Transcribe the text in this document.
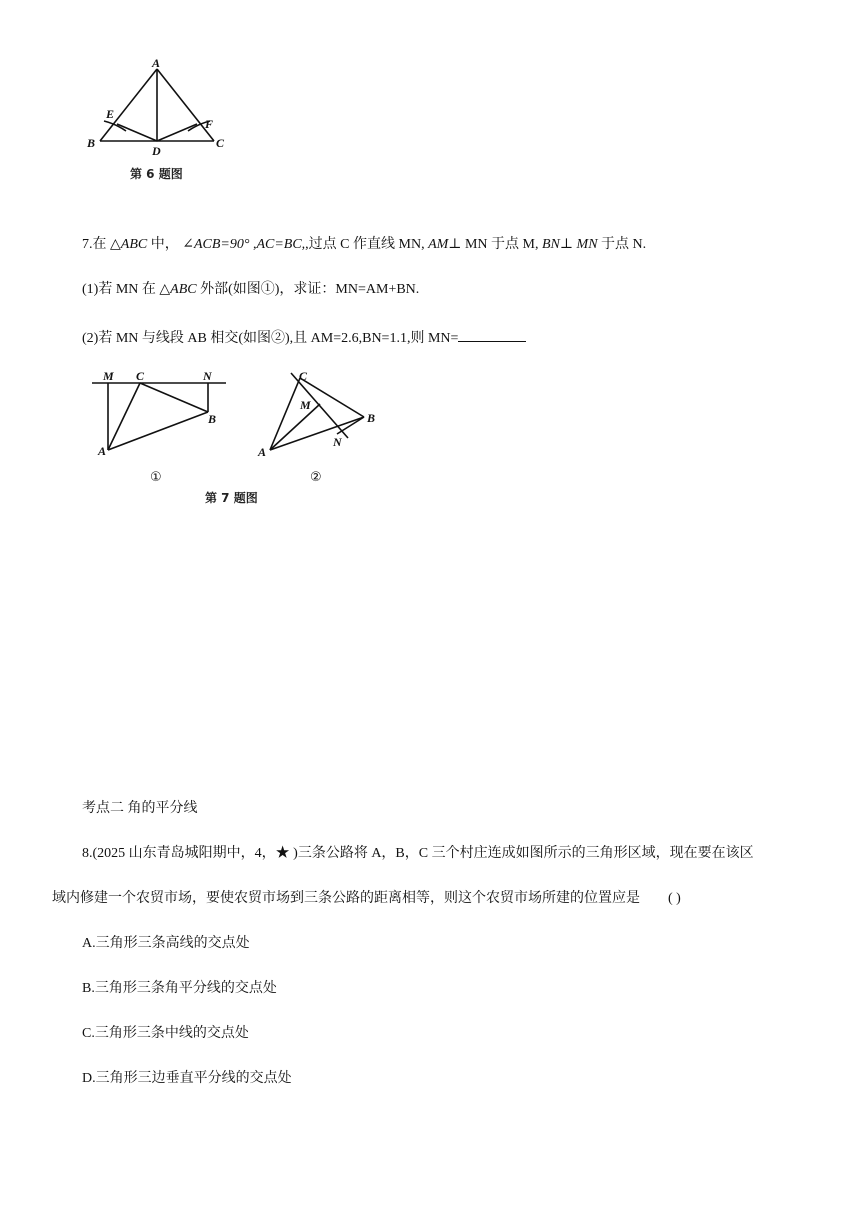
A
B	C
D
E
F
第 6 题图
7.在 △ABC 中， ∠ACB=90° ,AC=BC,,过点 C 作直线 MN, AM⊥ MN 于点 M, BN⊥ MN 于点 N.
(1)若 MN 在 △ABC 外部(如图①)，求证：MN=AM+BN.
(2)若 MN 与线段 AB 相交(如图②),且 AM=2.6,BN=1.1,则 MN=
M C	N
B
A
①
C
M
B
N
A
②
第 7 题图
考点二 角的平分线
8.(2025 山东青岛城阳期中，4，★ )三条公路将 A，B，C 三个村庄连成如图所示的三角形区域，现在要在该区
域内修建一个农贸市场，要使农贸市场到三条公路的距离相等，则这个农贸市场所建的位置应是 ( )
A.三角形三条高线的交点处
B.三角形三条角平分线的交点处
C.三角形三条中线的交点处
D.三角形三边垂直平分线的交点处
